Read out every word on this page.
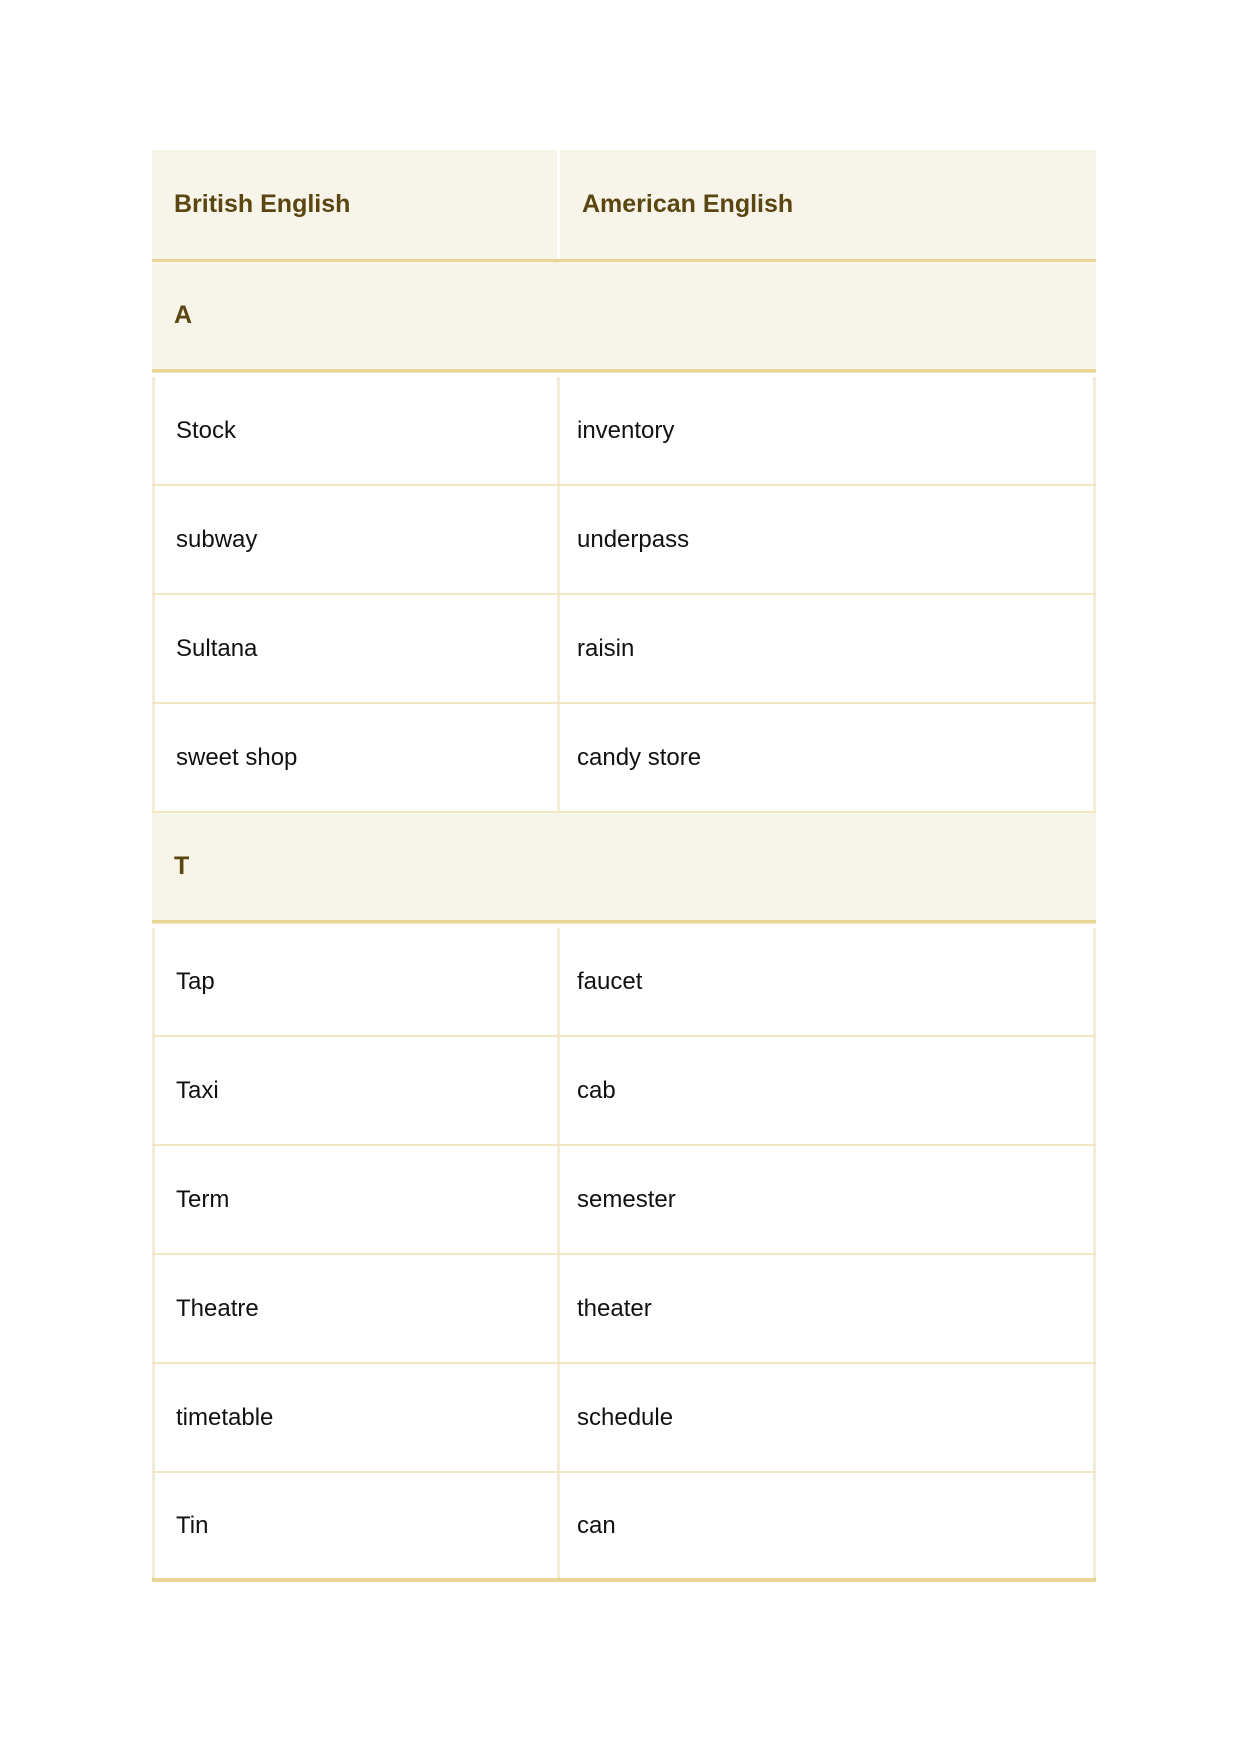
British English	American English
A
Stock	inventory
subway	underpass
Sultana	raisin
sweet shop	candy store
T
Tap	faucet
Taxi	cab
Term	semester
Theatre	theater
timetable	schedule
Tin	can
